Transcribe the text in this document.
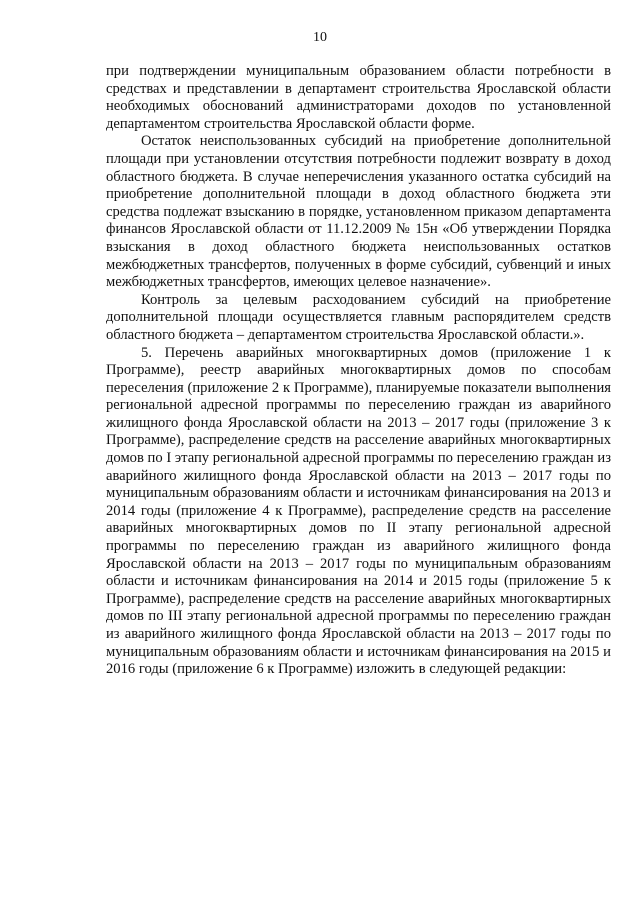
10

при подтверждении муниципальным образованием области потребности в средствах и представлении в департамент строительства Ярославской области необходимых обоснований администраторами доходов по установленной департаментом строительства Ярославской области форме.

Остаток неиспользованных субсидий на приобретение дополнительной площади при установлении отсутствия потребности подлежит возврату в доход областного бюджета. В случае неперечисления указанного остатка субсидий на приобретение дополнительной площади в доход областного бюджета эти средства подлежат взысканию в порядке, установленном приказом департамента финансов Ярославской области от 11.12.2009 № 15н «Об утверждении Порядка взыскания в доход областного бюджета неиспользованных остатков межбюджетных трансфертов, полученных в форме субсидий, субвенций и иных межбюджетных трансфертов, имеющих целевое назначение».

Контроль за целевым расходованием субсидий на приобретение дополнительной площади осуществляется главным распорядителем средств областного бюджета – департаментом строительства Ярославской области.».

5. Перечень аварийных многоквартирных домов (приложение 1 к Программе), реестр аварийных многоквартирных домов по способам переселения (приложение 2 к Программе), планируемые показатели выполнения региональной адресной программы по переселению граждан из аварийного жилищного фонда Ярославской области на 2013 – 2017 годы (приложение 3 к Программе), распределение средств на расселение аварийных многоквартирных домов по I этапу региональной адресной программы по переселению граждан из аварийного жилищного фонда Ярославской области на 2013 – 2017 годы по муниципальным образованиям области и источникам финансирования на 2013 и 2014 годы (приложение 4 к Программе), распределение средств на расселение аварийных многоквартирных домов по II этапу региональной адресной программы по переселению граждан из аварийного жилищного фонда Ярославской области на 2013 – 2017 годы по муниципальным образованиям области и источникам финансирования на 2014 и 2015 годы (приложение 5 к Программе), распределение средств на расселение аварийных многоквартирных домов по III этапу региональной адресной программы по переселению граждан из аварийного жилищного фонда Ярославской области на 2013 – 2017 годы по муниципальным образованиям области и источникам финансирования на 2015 и 2016 годы (приложение 6 к Программе) изложить в следующей редакции:
